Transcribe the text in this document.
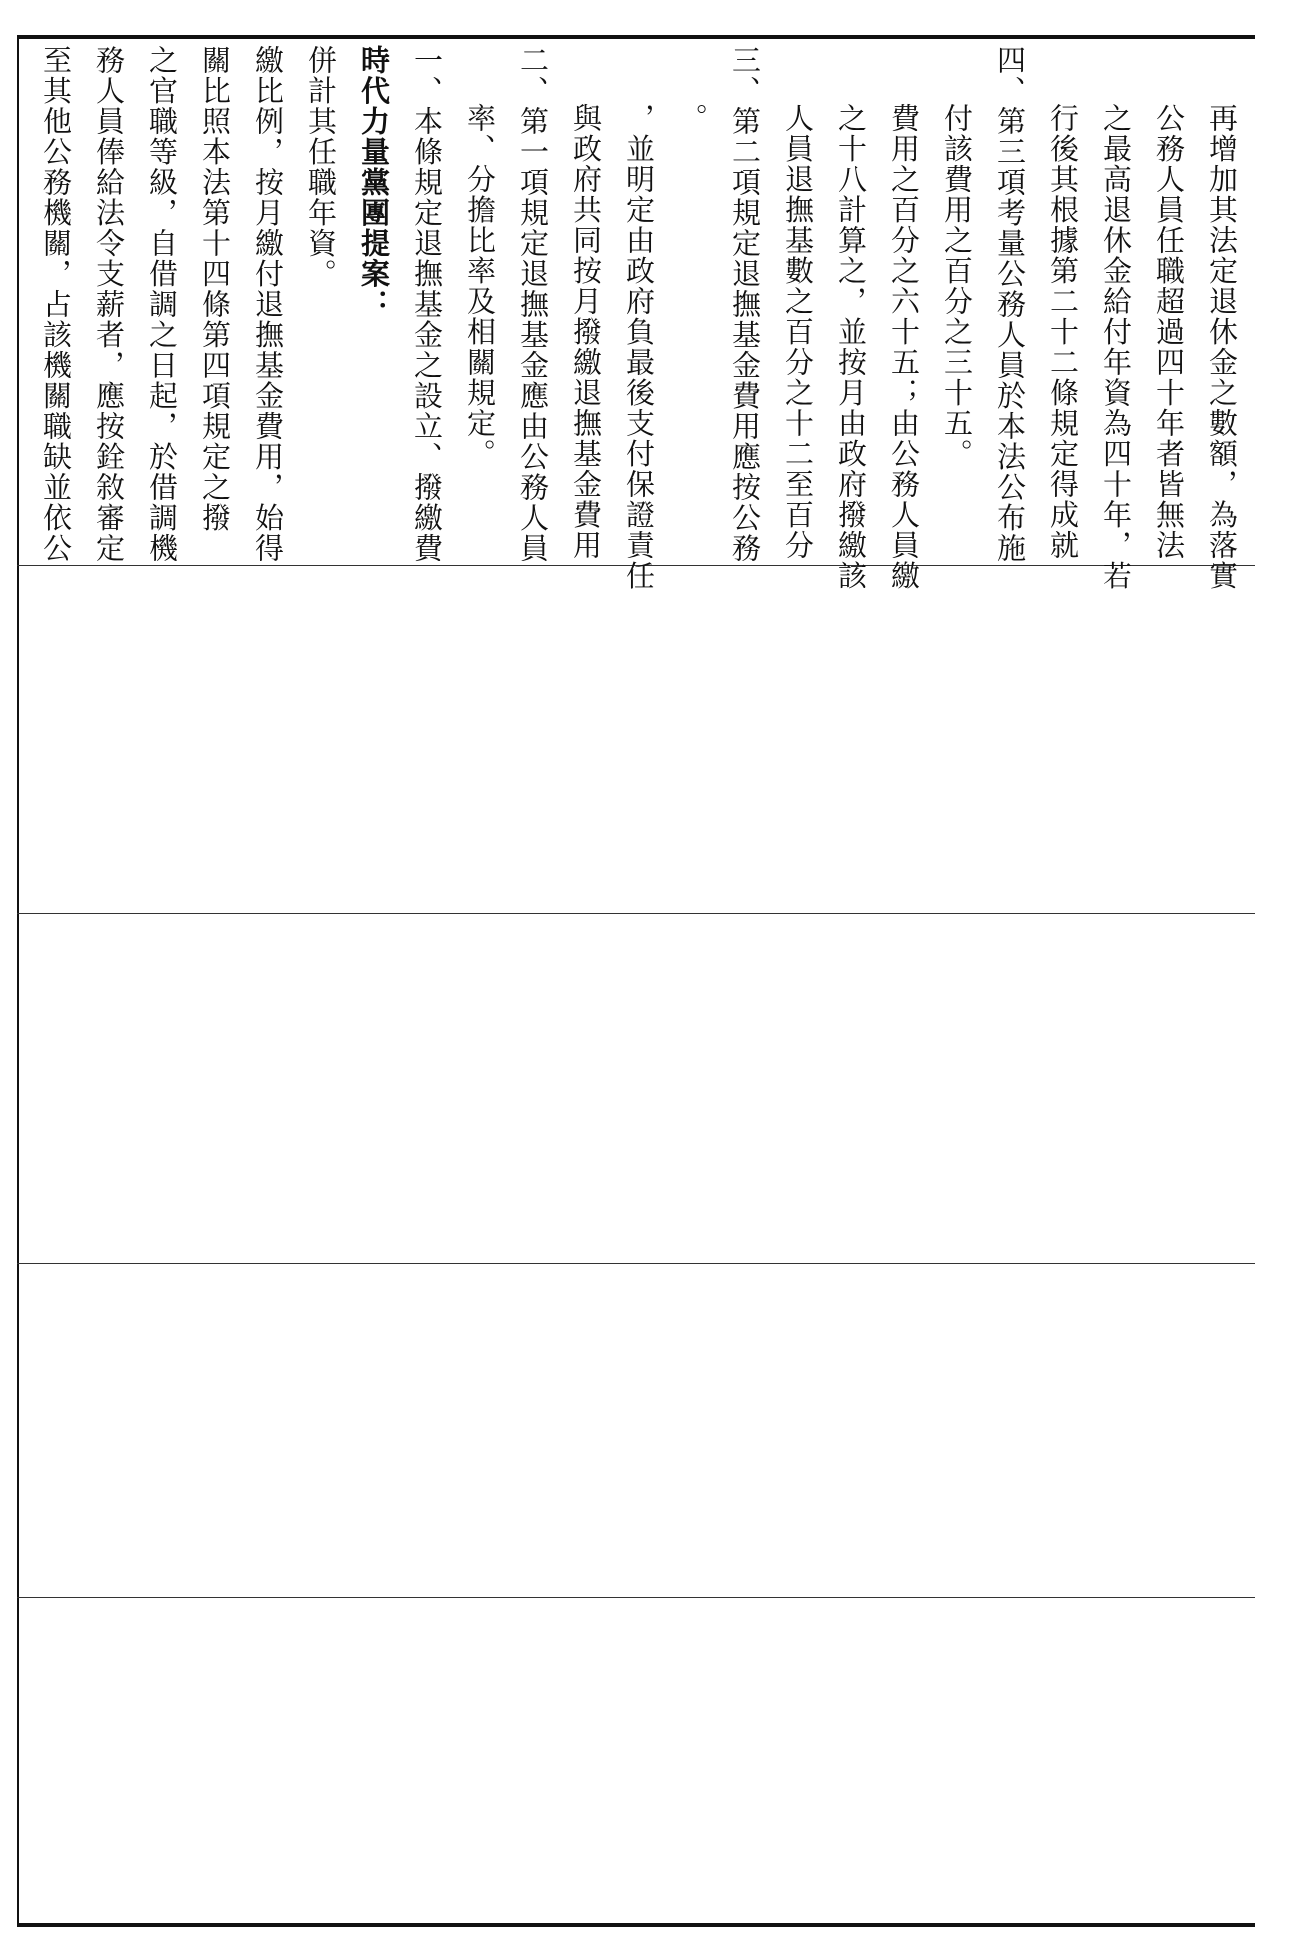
至其他公務機關，占該機關職缺並依公 務人員俸給法令支薪者，應按銓敘審定 之官職等級，自借調之日起，於借調機 關比照本法第十四條第四項規定之撥 繳比例，按月繳付退撫基金費用，始得 併計其任職年資。 時代力量黨團提案： 一、本條規定退撫基金之設立、撥繳費 率、分擔比率及相關規定。 二、第一項規定退撫基金應由公務人員 與政府共同按月撥繳退撫基金費用 ，並明定由政府負最後支付保證責任 。 三、第二項規定退撫基金費用應按公務 人員退撫基數之百分之十二至百分 之十八計算之，並按月由政府撥繳該 費用之百分之六十五；由公務人員繳 付該費用之百分之三十五。 四、第三項考量公務人員於本法公布施 行後其根據第二十二條規定得成就 之最高退休金給付年資為四十年，若 公務人員任職超過四十年者皆無法 再增加其法定退休金之數額，為落實
